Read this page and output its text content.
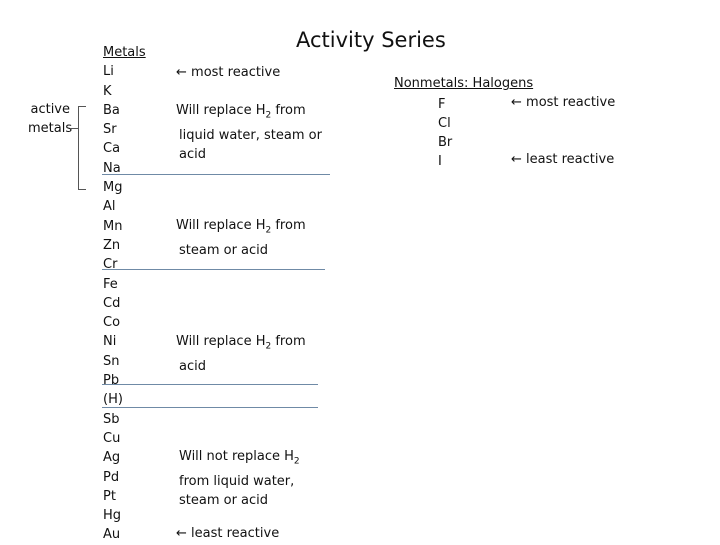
Activity Series
Metals
Li
K
Ba
Sr
Ca
Na
Mg
Al
Mn
Zn
Cr
Fe
Cd
Co
Ni
Sn
Pb
(H)
Sb
Cu
Ag
Pd
Pt
Hg
Au
active
metals
← most reactive
Will replace $H_2$ from
liquid water, steam or
acid
Will replace $H_2$ from
steam or acid
Will replace $H_2$ from
acid
Will not replace $H_2$
from liquid water,
steam or acid
← least reactive
Nonmetals: Halogens
F
Cl
Br
I
← most reactive
← least reactive
